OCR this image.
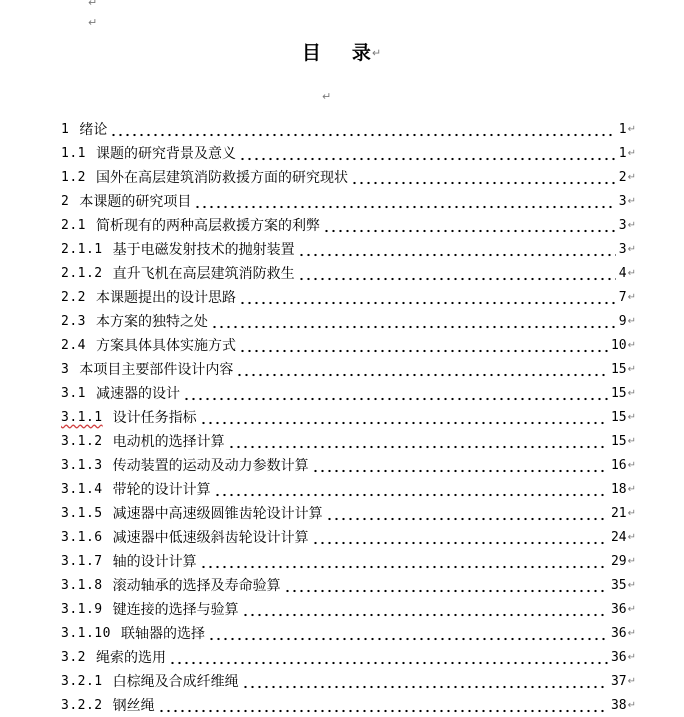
↵
↵
目 录↵
↵
1 绪论	1 ↵
1.1 课题的研究背景及意义	1 ↵
1.2 国外在高层建筑消防救援方面的研究现状	2 ↵
2 本课题的研究项目	3 ↵
2.1 简析现有的两种高层救援方案的利弊	3 ↵
2.1.1 基于电磁发射技术的抛射装置	3 ↵
2.1.2 直升飞机在高层建筑消防救生	4 ↵
2.2 本课题提出的设计思路	7 ↵
2.3 本方案的独特之处	9 ↵
2.4 方案具体具体实施方式	10 ↵
3 本项目主要部件设计内容	15 ↵
3.1 减速器的设计	15 ↵
3.1.1 设计任务指标	15 ↵
3.1.2 电动机的选择计算	15 ↵
3.1.3 传动装置的运动及动力参数计算	16 ↵
3.1.4 带轮的设计计算	18 ↵
3.1.5 减速器中高速级圆锥齿轮设计计算	21 ↵
3.1.6 减速器中低速级斜齿轮设计计算	24 ↵
3.1.7 轴的设计计算	29 ↵
3.1.8 滚动轴承的选择及寿命验算	35 ↵
3.1.9 键连接的选择与验算	36 ↵
3.1.10 联轴器的选择	36 ↵
3.2 绳索的选用	36 ↵
3.2.1 白棕绳及合成纤维绳	37 ↵
3.2.2 钢丝绳	38 ↵
